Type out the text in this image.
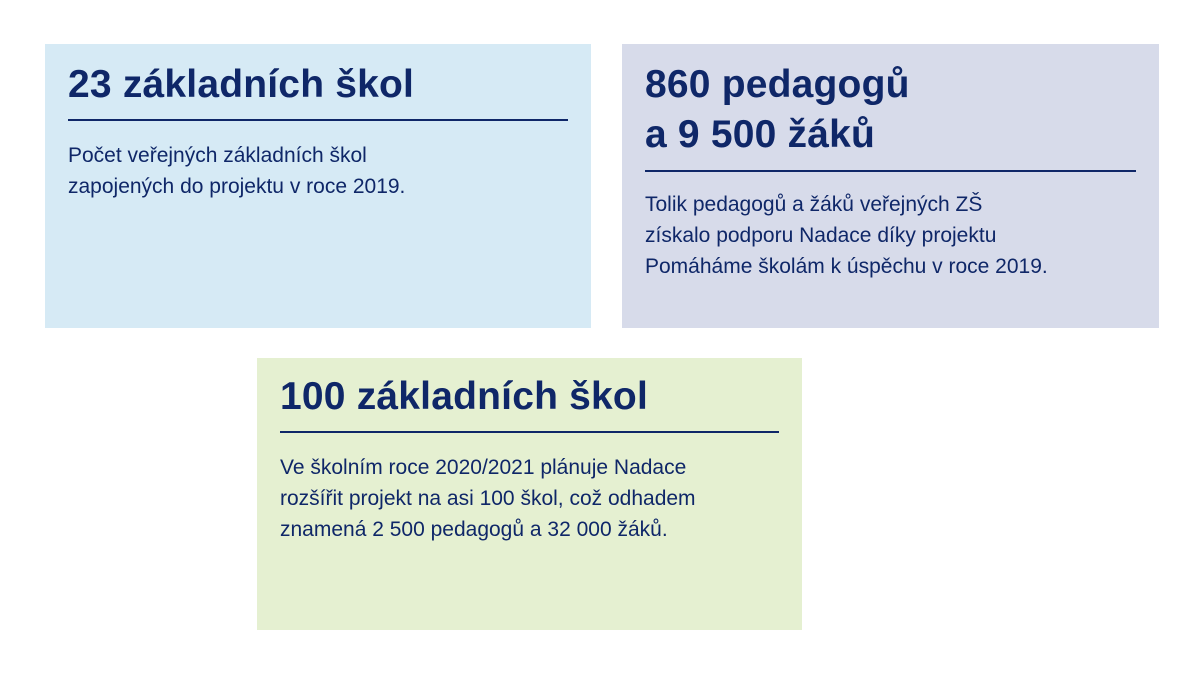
23 základních škol

Počet veřejných základních škol
zapojených do projektu v roce 2019.

860 pedagogů
a 9 500 žáků

Tolik pedagogů a žáků veřejných ZŠ
získalo podporu Nadace díky projektu
Pomáháme školám k úspěchu v roce 2019.

100 základních škol

Ve školním roce 2020/2021 plánuje Nadace
rozšířit projekt na asi 100 škol, což odhadem
znamená 2 500 pedagogů a 32 000 žáků.
